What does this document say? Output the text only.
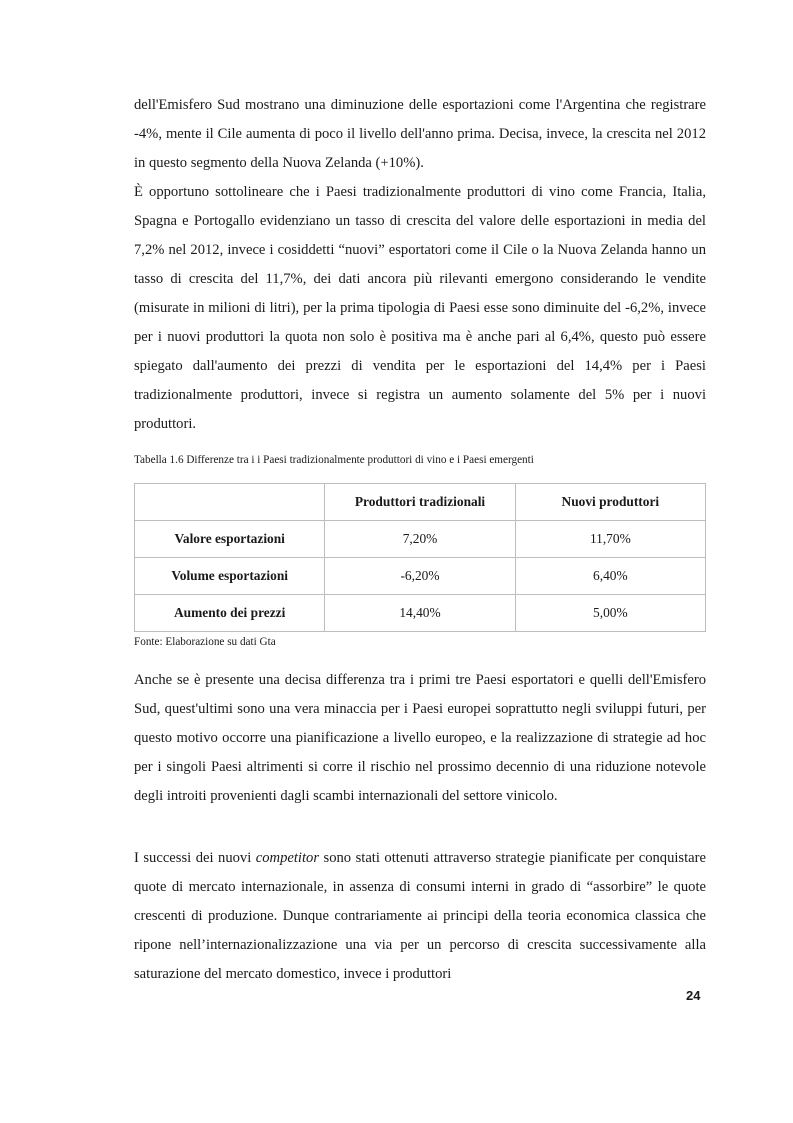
dell'Emisfero Sud mostrano una diminuzione delle esportazioni come l'Argentina che registrare -4%, mente il Cile aumenta di poco il livello dell'anno prima. Decisa, invece, la crescita nel 2012 in questo segmento della Nuova Zelanda (+10%).

È opportuno sottolineare che i Paesi tradizionalmente produttori di vino come Francia, Italia, Spagna e Portogallo evidenziano un tasso di crescita del valore delle esportazioni in media del 7,2% nel 2012, invece i cosiddetti “nuovi” esportatori come il Cile o la Nuova Zelanda hanno un tasso di crescita del 11,7%, dei dati ancora più rilevanti emergono considerando le vendite (misurate in milioni di litri), per la prima tipologia di Paesi esse sono diminuite del -6,2%, invece per i nuovi produttori la quota non solo è positiva ma è anche pari al 6,4%, questo può essere spiegato dall'aumento dei prezzi di vendita per le esportazioni del 14,4% per i Paesi tradizionalmente produttori, invece si registra un aumento solamente del 5% per i nuovi produttori.

Tabella 1.6 Differenze tra i i Paesi tradizionalmente produttori di vino e i Paesi emergenti

	Produttori tradizionali	Nuovi produttori
Valore esportazioni	7,20%	11,70%
Volume esportazioni	-6,20%	6,40%
Aumento dei prezzi	14,40%	5,00%

Fonte: Elaborazione su dati Gta

Anche se è presente una decisa differenza tra i primi tre Paesi esportatori e quelli dell'Emisfero Sud, quest'ultimi sono una vera minaccia per i Paesi europei soprattutto negli sviluppi futuri, per questo motivo occorre una pianificazione a livello europeo, e la realizzazione di strategie ad hoc per i singoli Paesi altrimenti si corre il rischio nel prossimo decennio di una riduzione notevole degli introiti provenienti dagli scambi internazionali del settore vinicolo.

I successi dei nuovi competitor sono stati ottenuti attraverso strategie pianificate per conquistare quote di mercato internazionale, in assenza di consumi interni in grado di “assorbire” le quote crescenti di produzione. Dunque contrariamente ai principi della teoria economica classica che ripone nell’internazionalizzazione una via per un percorso di crescita successivamente alla saturazione del mercato domestico, invece i produttori

24
